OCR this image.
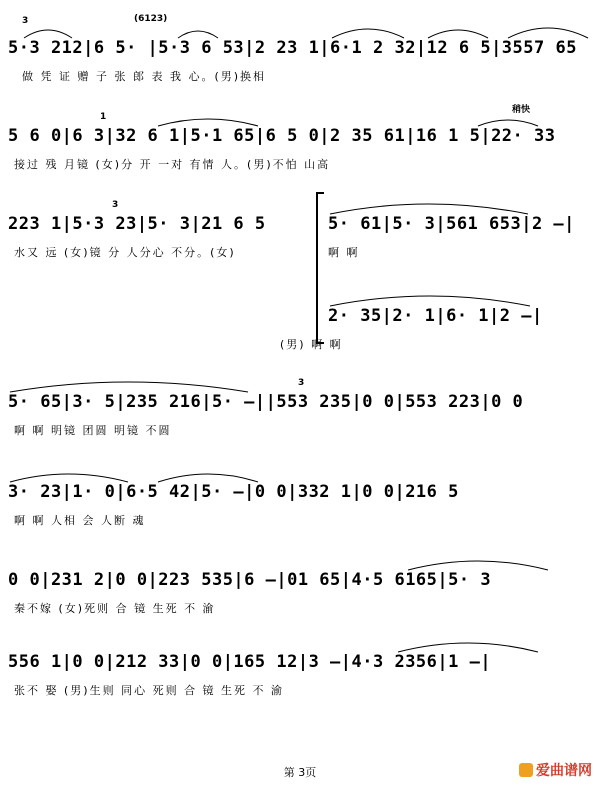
3	(6123)
5·3 212|6 5· |5·3 6 53|2 23 1|6·1 2 32|12 6 5|3557 65
做 凭 证 赠 子 张 郎 表 我 心。(男)换相
1
稍快
5 6 0|6 3|32 6 1|5·1 65|6 5 0|2 35 61|16 1 5|22· 33
接过 残 月镜 (女)分 开 一对 有情 人。(男)不怕 山高
3
223 1|5·3 23|5· 3|21 6 5
水又 远 (女)镜 分 人分心 不分。(女)
5· 61|5· 3|561 653|2 —|
啊 啊
2· 35|2· 1|6· 1|2 —|
(男) 啊 啊
3
5· 65|3· 5|235 216|5· —||553 235|0 0|553 223|0 0
啊 啊 明镜 团圆 明镜 不圆
3· 23|1· 0|6·5 42|5· —|0 0|332 1|0 0|216 5
啊 啊 人相 会 人断 魂
0 0|231 2|0 0|223 535|6 —|01 65|4·5 6165|5· 3
秦不嫁 (女)死则 合 镜 生死 不 渝
556 1|0 0|212 33|0 0|165 12|3 —|4·3 2356|1 —|
张不 娶 (男)生则 同心 死则 合 镜 生死 不 渝
第 3页	爱曲谱网
